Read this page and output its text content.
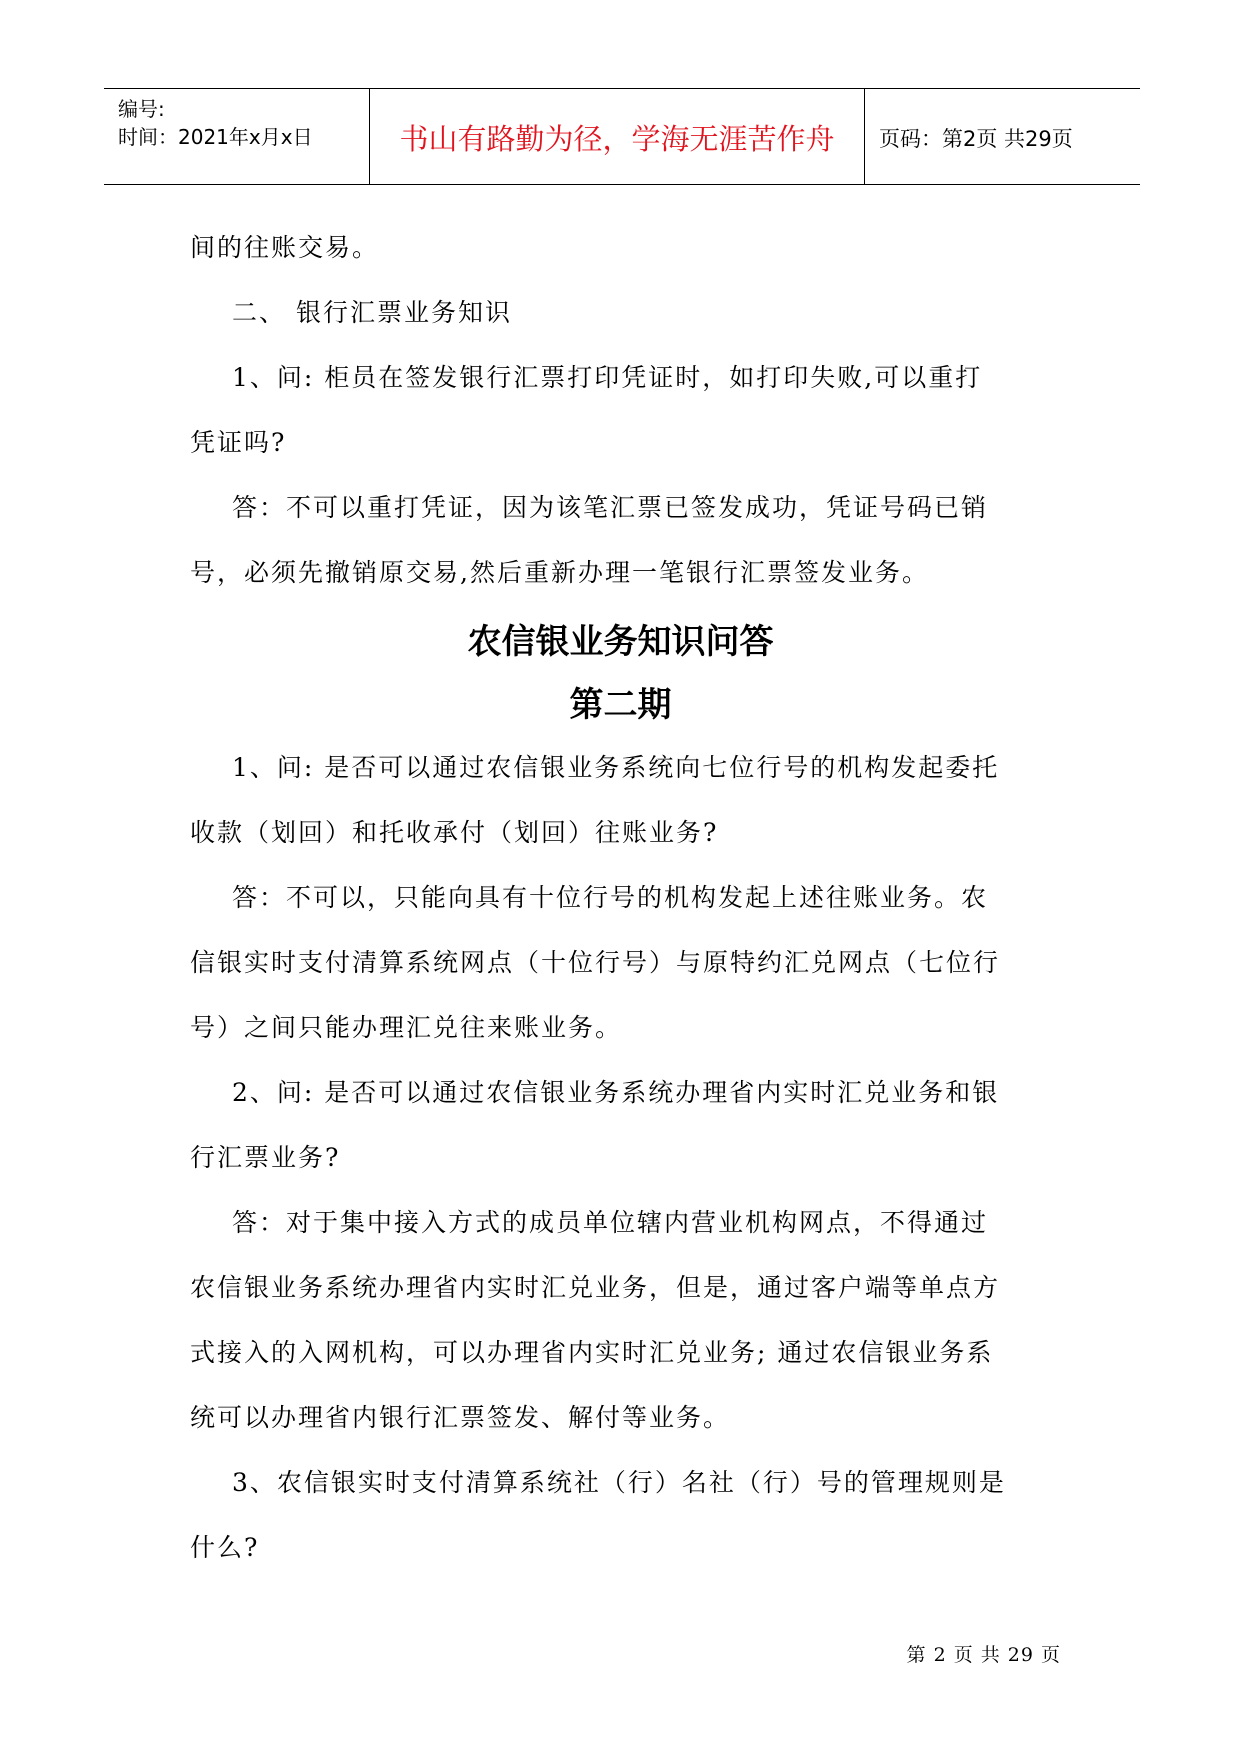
编号:
时间：2021年x月x日	书山有路勤为径，学海无涯苦作舟	页码：第2页 共29页
间的往账交易。
二、 银行汇票业务知识
1、问: 柜员在签发银行汇票打印凭证时，如打印失败,可以重打
凭证吗?
答：不可以重打凭证，因为该笔汇票已签发成功，凭证号码已销
号，必须先撤销原交易,然后重新办理一笔银行汇票签发业务。
农信银业务知识问答
第二期
1、问: 是否可以通过农信银业务系统向七位行号的机构发起委托
收款（划回）和托收承付（划回）往账业务?
答：不可以，只能向具有十位行号的机构发起上述往账业务。农
信银实时支付清算系统网点（十位行号）与原特约汇兑网点（七位行
号）之间只能办理汇兑往来账业务。
2、问: 是否可以通过农信银业务系统办理省内实时汇兑业务和银
行汇票业务?
答：对于集中接入方式的成员单位辖内营业机构网点，不得通过
农信银业务系统办理省内实时汇兑业务，但是，通过客户端等单点方
式接入的入网机构，可以办理省内实时汇兑业务; 通过农信银业务系
统可以办理省内银行汇票签发、解付等业务。
3、农信银实时支付清算系统社（行）名社（行）号的管理规则是
什么?
第 2 页 共 29 页
